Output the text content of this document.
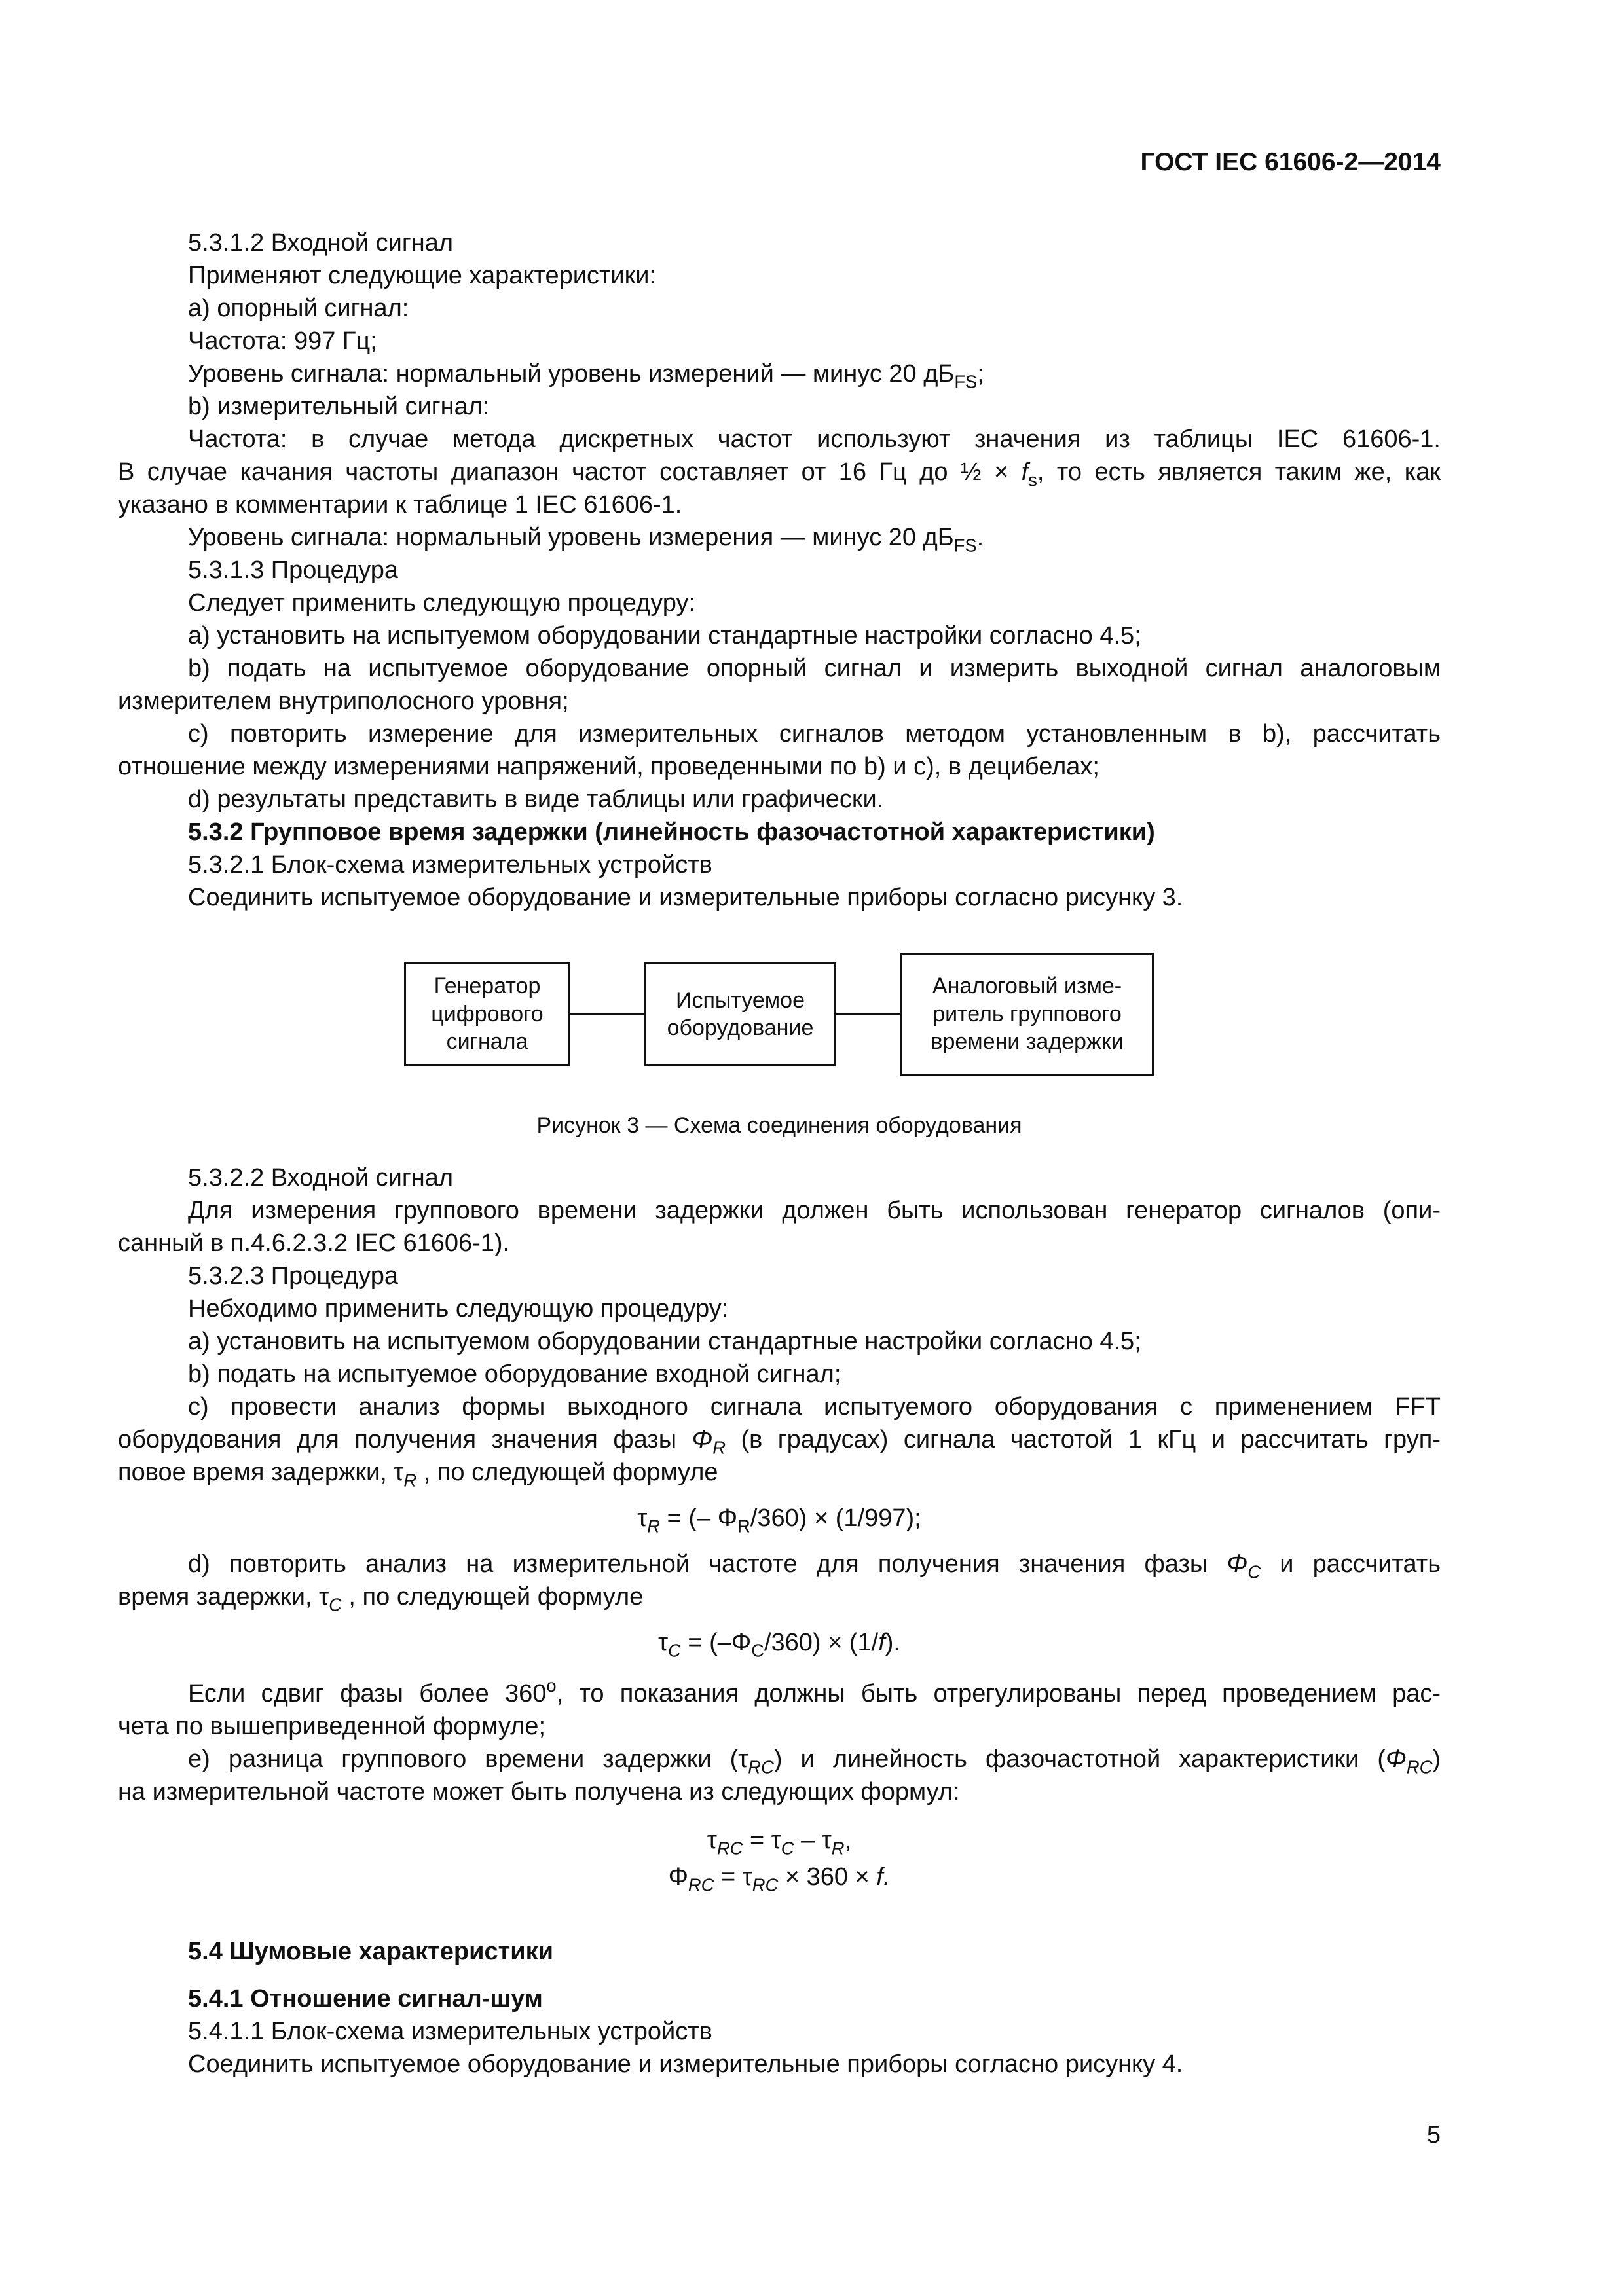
ГОСТ IEC 61606-2—2014
5.3.1.2 Входной сигнал
Применяют следующие характеристики:
а) опорный сигнал:
Частота: 997 Гц;
Уровень сигнала: нормальный уровень измерений — минус 20 $дБ_{FS}$;
b) измерительный сигнал:
Частота: в случае метода дискретных частот используют значения из таблицы IEC 61606-1.
В случае качания частоты диапазон частот составляет от 16 Гц до ½ × $f_s$, то есть является таким же, как
указано в комментарии к таблице 1 IEC 61606-1.
Уровень сигнала: нормальный уровень измерения — минус 20 $дБ_{FS}$.
5.3.1.3 Процедура
Следует применить следующую процедуру:
а) установить на испытуемом оборудовании стандартные настройки согласно 4.5;
b) подать на испытуемое оборудование опорный сигнал и измерить выходной сигнал аналоговым
измерителем внутриполосного уровня;
с) повторить измерение для измерительных сигналов методом установленным в b), рассчитать
отношение между измерениями напряжений, проведенными по b) и с), в децибелах;
d) результаты представить в виде таблицы или графически.
5.3.2 Групповое время задержки (линейность фазочастотной характеристики)
5.3.2.1 Блок-схема измерительных устройств
Соединить испытуемое оборудование и измерительные приборы согласно рисунку 3.
Генератор
цифрового
сигнала
Испытуемое
оборудование
Аналоговый изме-
ритель группового
времени задержки
Рисунок 3 — Схема соединения оборудования
5.3.2.2 Входной сигнал
Для измерения группового времени задержки должен быть использован генератор сигналов (опи-
санный в п.4.6.2.3.2 IEC 61606-1).
5.3.2.3 Процедура
Небходимо применить следующую процедуру:
а) установить на испытуемом оборудовании стандартные настройки согласно 4.5;
b) подать на испытуемое оборудование входной сигнал;
с) провести анализ формы выходного сигнала испытуемого оборудования с применением FFT
оборудования для получения значения фазы $\Phi_R$ (в градусах) сигнала частотой 1 кГц и рассчитать груп-
повое время задержки, $\tau_R$ , по следующей формуле
$\tau_R$ = (– $\Phi_R/360) \times (1/997)$;
d) повторить анализ на измерительной частоте для получения значения фазы $\Phi_C$ и рассчитать
время задержки, $\tau_C$ , по следующей формуле
$\tau_C = (-\Phi_C/360) \times (1/f)$.
Если сдвиг фазы более $360^о$, то показания должны быть отрегулированы перед проведением рас-
чета по вышеприведенной формуле;
е) разница группового времени задержки $(\tau_{RC})$ и линейность фазочастотной характеристики $(\Phi_{RC})$
на измерительной частоте может быть получена из следующих формул:
$\tau_{RC} = \tau_C - \tau_R$,
$\Phi_{RC} = \tau_{RC} \times 360 \times f$.
5.4 Шумовые характеристики
5.4.1 Отношение сигнал-шум
5.4.1.1 Блок-схема измерительных устройств
Соединить испытуемое оборудование и измерительные приборы согласно рисунку 4.
5
